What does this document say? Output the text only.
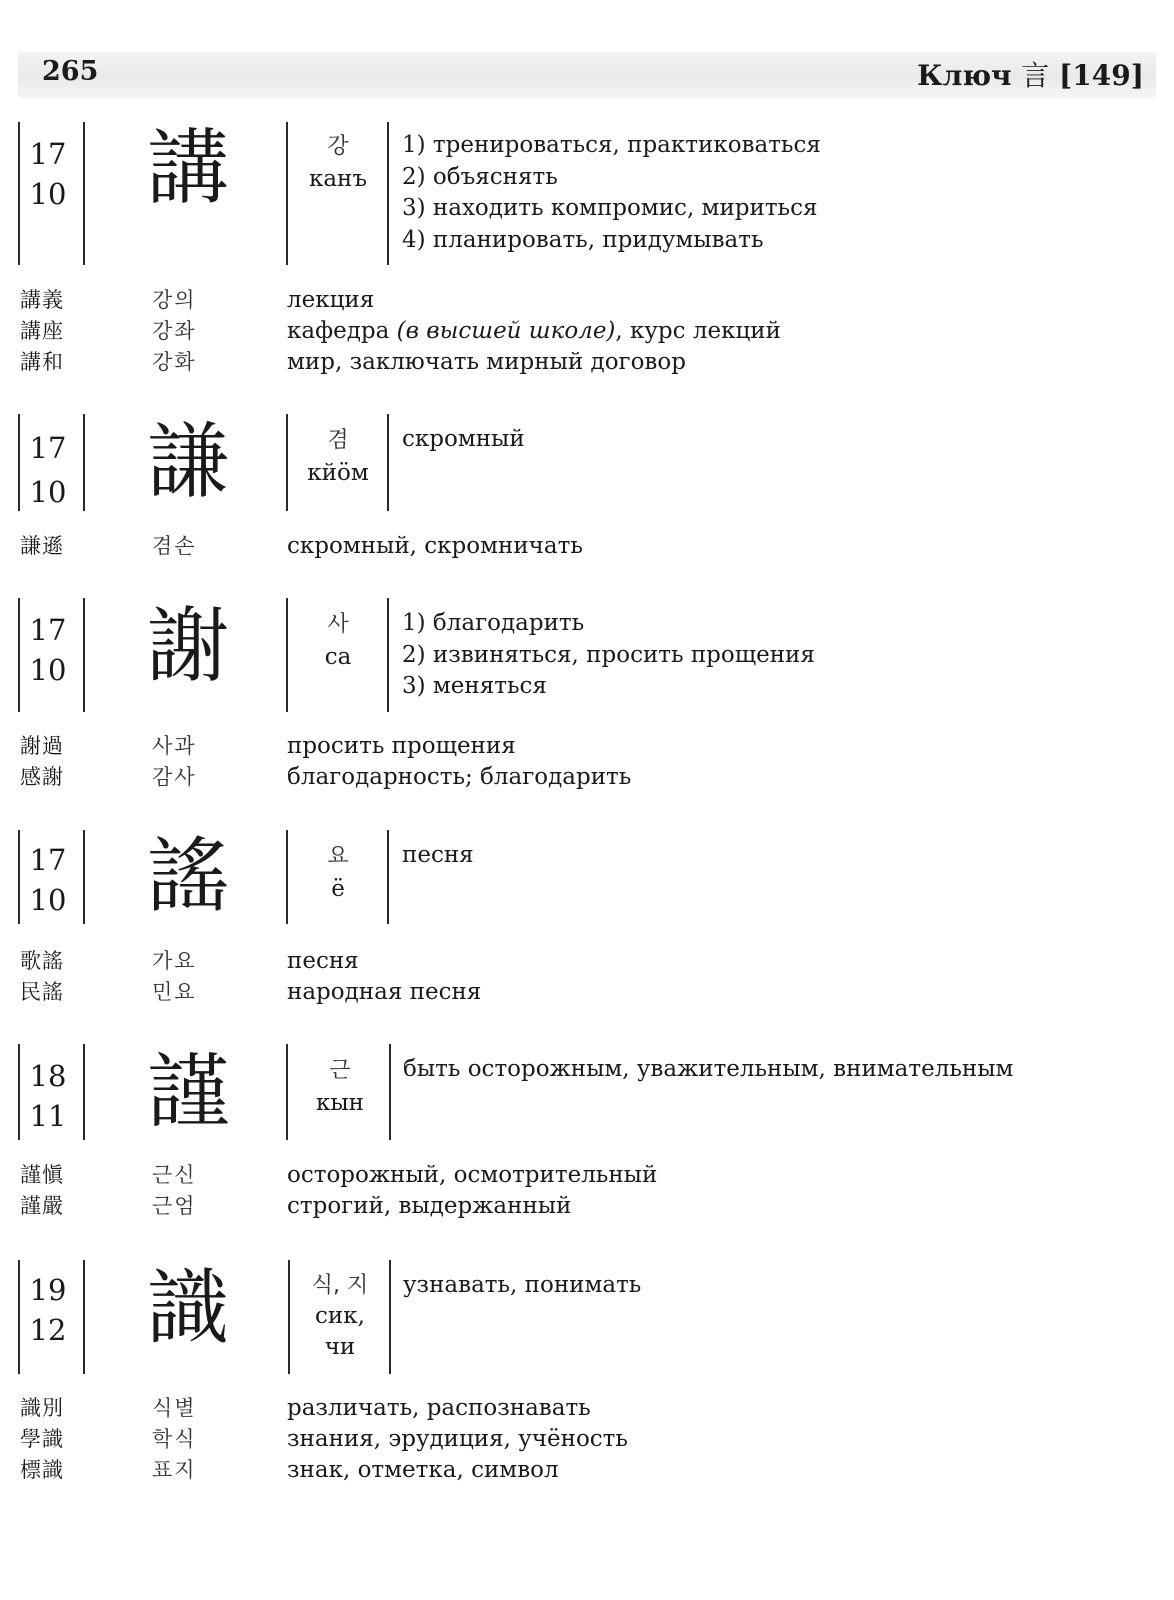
265	Ключ 言 [149]
17
10 講	강
канъ
1) тренироваться, практиковаться
2) объяснять
3) находить компромис, мириться
4) планировать, придумывать
講義	강의	лекция
講座	강좌	кафедра (в высшей школе), курс лекций
講和	강화	мир, заключать мирный договор
17
10 謙	겸
кйӧм
скромный
謙遜	겸손	скромный, скромничать
17
10 謝	사
са
1) благодарить
2) извиняться, просить прощения
3) меняться
謝過	사과	просить прощения
感謝	감사	благодарность; благодарить
17
10 謠	요
ё
песня
歌謠	가요	песня
民謠	민요	народная песня
18
11 謹	근
кын
быть осторожным, уважительным, внимательным
謹愼	근신	осторожный, осмотрительный
謹嚴	근엄	строгий, выдержанный
19
12 識	식, 지
сик,
чи
узнавать, понимать
識別	식별	различать, распознавать
學識	학식	знания, эрудиция, учёность
標識	표지	знак, отметка, символ
